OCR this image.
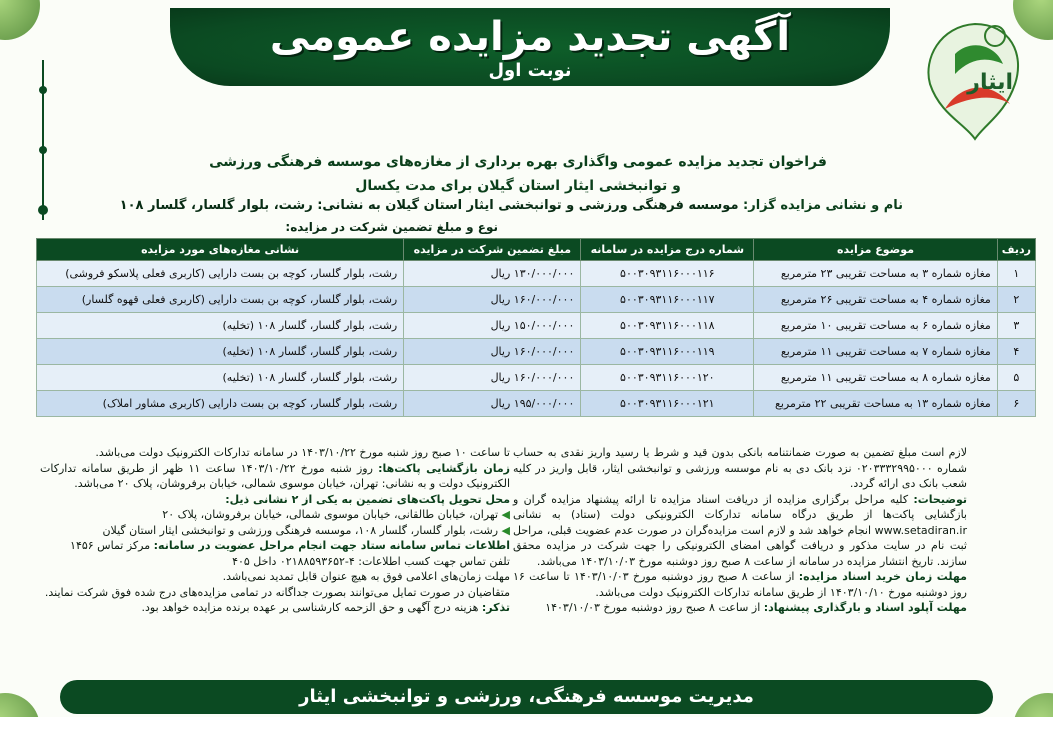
آگهی تجدید مزایده عمومی
نوبت اول	ایثار
فراخوان تجدید مزایده عمومی واگذاری بهره برداری از مغازه‌های موسسه فرهنگی ورزشی
و توانبخشی ایثار استان گیلان برای مدت یکسال
نام و نشانی مزایده گزار: موسسه فرهنگی ورزشی و توانبخشی ایثار استان گیلان به نشانی: رشت، بلوار گلسار، گلسار ۱۰۸
نوع و مبلغ تضمین شرکت در مزایده:
ردیف	موضوع مزایده	شماره درج مزایده در سامانه	مبلغ تضمین شرکت در مزایده	نشانی مغازه‌های مورد مزایده
۱	مغازه شماره ۳ به مساحت تقریبی ۲۳ مترمربع	۵۰۰۳۰۹۳۱۱۶۰۰۰۱۱۶	۱۳۰/۰۰۰/۰۰۰ ریال	رشت، بلوار گلسار، کوچه بن بست دارایی (کاربری فعلی پلاسکو فروشی)
۲	مغازه شماره ۴ به مساحت تقریبی ۲۶ مترمربع	۵۰۰۳۰۹۳۱۱۶۰۰۰۱۱۷	۱۶۰/۰۰۰/۰۰۰ ریال	رشت، بلوار گلسار، کوچه بن بست دارایی (کاربری فعلی قهوه گلسار)
۳	مغازه شماره ۶ به مساحت تقریبی ۱۰ مترمربع	۵۰۰۳۰۹۳۱۱۶۰۰۰۱۱۸	۱۵۰/۰۰۰/۰۰۰ ریال	رشت، بلوار گلسار، گلسار ۱۰۸ (تخلیه)
۴	مغازه شماره ۷ به مساحت تقریبی ۱۱ مترمربع	۵۰۰۳۰۹۳۱۱۶۰۰۰۱۱۹	۱۶۰/۰۰۰/۰۰۰ ریال	رشت، بلوار گلسار، گلسار ۱۰۸ (تخلیه)
۵	مغازه شماره ۸ به مساحت تقریبی ۱۱ مترمربع	۵۰۰۳۰۹۳۱۱۶۰۰۰۱۲۰	۱۶۰/۰۰۰/۰۰۰ ریال	رشت، بلوار گلسار، گلسار ۱۰۸ (تخلیه)
۶	مغازه شماره ۱۳ به مساحت تقریبی ۲۲ مترمربع	۵۰۰۳۰۹۳۱۱۶۰۰۰۱۲۱	۱۹۵/۰۰۰/۰۰۰ ریال	رشت، بلوار گلسار، کوچه بن بست دارایی (کاربری مشاور املاک)

لازم است مبلغ تضمین به صورت ضمانتنامه بانکی بدون قید و شرط یا رسید واریز نقدی به حساب شماره ۰۲۰۳۳۳۲۹۹۵۰۰۰ نزد بانک دی به نام موسسه ورزشی و توانبخشی ایثار، قابل واریز در کلیه شعب بانک دی ارائه گردد.

توضیحات: کلیه مراحل برگزاری مزایده از دریافت اسناد مزایده تا ارائه پیشنهاد مزایده گران و بازگشایی پاکت‌ها از طریق درگاه سامانه تدارکات الکترونیکی دولت (ستاد) به نشانی www.setadiran.ir انجام خواهد شد و لازم است مزایده‌گران در صورت عدم عضویت قبلی، مراحل ثبت نام در سایت مذکور و دریافت گواهی امضای الکترونیکی را جهت شرکت در مزایده محقق سازند. تاریخ انتشار مزایده در سامانه از ساعت ۸ صبح روز دوشنبه مورخ ۱۴۰۳/۱۰/۰۳ می‌باشد.

مهلت زمان خرید اسناد مزایده: از ساعت ۸ صبح روز دوشنبه مورخ ۱۴۰۳/۱۰/۰۳ تا ساعت ۱۶ روز دوشنبه مورخ ۱۴۰۳/۱۰/۱۰ از طریق سامانه تدارکات الکترونیک دولت می‌باشد.

مهلت آپلود اسناد و بارگذاری پیشنهاد: از ساعت ۸ صبح روز دوشنبه مورخ ۱۴۰۳/۱۰/۰۳

تا ساعت ۱۰ صبح روز شنبه مورخ ۱۴۰۳/۱۰/۲۲ در سامانه تدارکات الکترونیک دولت می‌باشد.

زمان بازگشایی پاکت‌ها: روز شنبه مورخ ۱۴۰۳/۱۰/۲۲ ساعت ۱۱ ظهر از طریق سامانه تدارکات الکترونیک دولت و به نشانی: تهران، خیابان موسوی شمالی، خیابان برفروشان، پلاک ۲۰ می‌باشد.

محل تحویل پاکت‌های تضمین به یکی از ۲ نشانی ذیل:

◀ تهران، خیابان طالقانی، خیابان موسوی شمالی، خیابان برفروشان، پلاک ۲۰

◀ رشت، بلوار گلسار، گلسار ۱۰۸، موسسه فرهنگی ورزشی و توانبخشی ایثار استان گیلان

اطلاعات تماس سامانه ستاد جهت انجام مراحل عضویت در سامانه: مرکز تماس ۱۴۵۶

تلفن تماس جهت کسب اطلاعات: ۴-۰۲۱۸۸۵۹۳۶۵۲ داخل ۴۰۵

مهلت زمان‌های اعلامی فوق به هیچ عنوان قابل تمدید نمی‌باشد.

متقاضیان در صورت تمایل می‌توانند بصورت جداگانه در تمامی مزایده‌های درج شده فوق شرکت نمایند.

تذکر: هزینه درج آگهی و حق الزحمه کارشناسی بر عهده برنده مزایده خواهد بود.

مدیریت موسسه فرهنگی، ورزشی و توانبخشی ایثار
